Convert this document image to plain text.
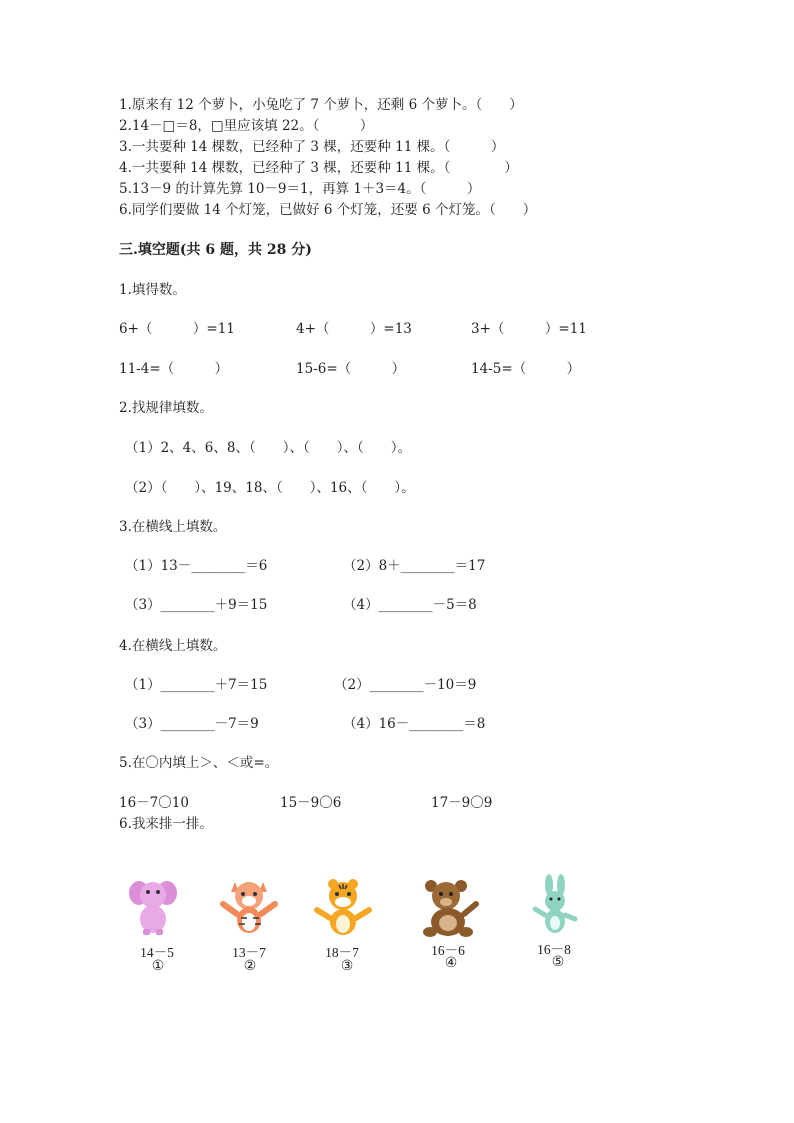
1.原来有 12 个萝卜，小兔吃了 7 个萝卜，还剩 6 个萝卜。（　　）
2.14－□＝8，□里应该填 22。（　　　）
3.一共要种 14 棵数，已经种了 3 棵，还要种 11 棵。（　　　）
4.一共要种 14 棵数，已经种了 3 棵，还要种 11 棵。（　　　　）
5.13－9 的计算先算 10－9＝1，再算 1＋3＝4。（　　　）
6.同学们要做 14 个灯笼，已做好 6 个灯笼，还要 6 个灯笼。（　　）
三.填空题(共 6 题，共 28 分)
1.填得数。
6+（　　　）=11	4+（　　　）=13	3+（　　　）=11
11-4=（　　　）	15-6=（　　　）	14-5=（　　　）
2.找规律填数。
（1）2、4、6、8、（　　）、（　　）、（　　）。
（2）（　　）、19、18、（　　）、16、（　　）。
3.在横线上填数。
（1）13－________＝6	（2）8＋________＝17
（3）________＋9＝15	（4）________－5＝8
4.在横线上填数。
（1）________＋7＝15	（2）________－10＝9
（3）________－7＝9	（4）16－________＝8
5.在〇内填上＞、＜或=。
16－7〇10	15－9〇6	17－9〇9
6.我来排一排。
14－5
①
13－7
②
18－7
③
16－6
④
16－8
⑤
